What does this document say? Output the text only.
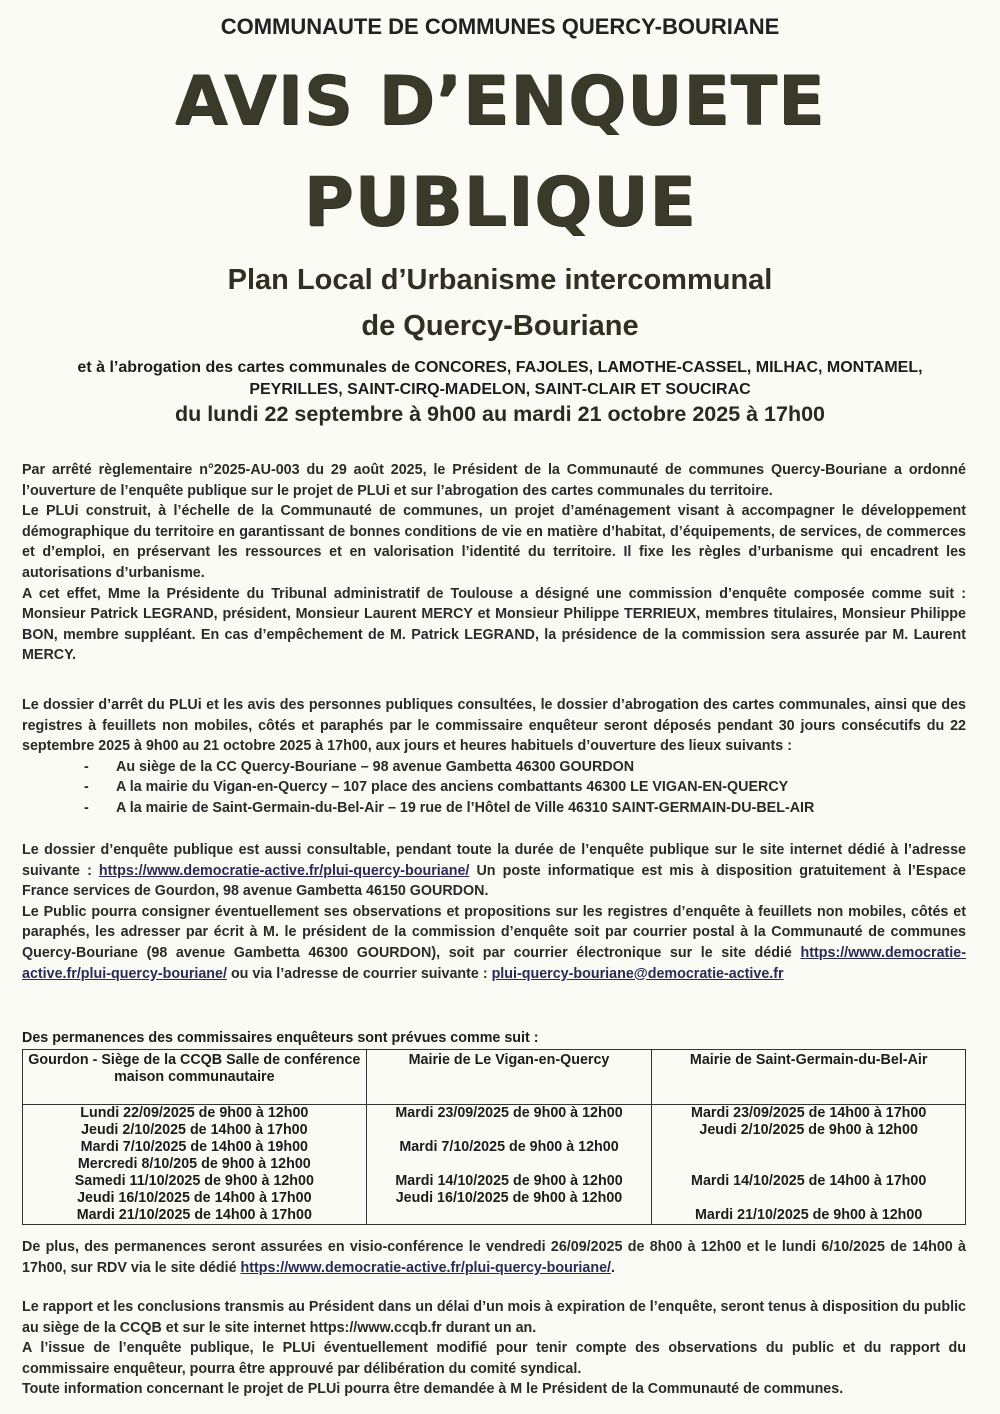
COMMUNAUTE DE COMMUNES QUERCY-BOURIANE
AVIS D’ENQUETE
PUBLIQUE
Plan Local d’Urbanisme intercommunal
de Quercy-Bouriane
et à l’abrogation des cartes communales de CONCORES, FAJOLES, LAMOTHE-CASSEL, MILHAC, MONTAMEL,
PEYRILLES, SAINT-CIRQ-MADELON, SAINT-CLAIR ET SOUCIRAC
du lundi 22 septembre à 9h00 au mardi 21 octobre 2025 à 17h00

Par arrêté règlementaire n°2025-AU-003 du 29 août 2025, le Président de la Communauté de communes Quercy-Bouriane a ordonné l’ouverture de l’enquête publique sur le projet de PLUi et sur l’abrogation des cartes communales du territoire.

Le PLUi construit, à l’échelle de la Communauté de communes, un projet d’aménagement visant à accompagner le développement démographique du territoire en garantissant de bonnes conditions de vie en matière d’habitat, d’équipements, de services, de commerces et d’emploi, en préservant les ressources et en valorisation l’identité du territoire. Il fixe les règles d’urbanisme qui encadrent les autorisations d’urbanisme.

A cet effet, Mme la Présidente du Tribunal administratif de Toulouse a désigné une commission d’enquête composée comme suit : Monsieur Patrick LEGRAND, président, Monsieur Laurent MERCY et Monsieur Philippe TERRIEUX, membres titulaires, Monsieur Philippe BON, membre suppléant. En cas d’empêchement de M. Patrick LEGRAND, la présidence de la commission sera assurée par M. Laurent MERCY.

Le dossier d’arrêt du PLUi et les avis des personnes publiques consultées, le dossier d’abrogation des cartes communales, ainsi que des registres à feuillets non mobiles, côtés et paraphés par le commissaire enquêteur seront déposés pendant 30 jours consécutifs du 22 septembre 2025 à 9h00 au 21 octobre 2025 à 17h00, aux jours et heures habituels d’ouverture des lieux suivants :

- Au siège de la CC Quercy-Bouriane – 98 avenue Gambetta 46300 GOURDON
- A la mairie du Vigan-en-Quercy – 107 place des anciens combattants 46300 LE VIGAN-EN-QUERCY
- A la mairie de Saint-Germain-du-Bel-Air – 19 rue de l’Hôtel de Ville 46310 SAINT-GERMAIN-DU-BEL-AIR

Le dossier d’enquête publique est aussi consultable, pendant toute la durée de l’enquête publique sur le site internet dédié à l’adresse suivante : https://www.democratie-active.fr/plui-quercy-bouriane/ Un poste informatique est mis à disposition gratuitement à l’Espace France services de Gourdon, 98 avenue Gambetta 46150 GOURDON.

Le Public pourra consigner éventuellement ses observations et propositions sur les registres d’enquête à feuillets non mobiles, côtés et paraphés, les adresser par écrit à M. le président de la commission d’enquête soit par courrier postal à la Communauté de communes Quercy-Bouriane (98 avenue Gambetta 46300 GOURDON), soit par courrier électronique sur le site dédié https://www.democratie-active.fr/plui-quercy-bouriane/ ou via l’adresse de courrier suivante : plui-quercy-bouriane@democratie-active.fr

Des permanences des commissaires enquêteurs sont prévues comme suit :
Gourdon - Siège de la CCQB Salle de conférence maison communautaire	Mairie de Le Vigan-en-Quercy	Mairie de Saint-Germain-du-Bel-Air
Lundi 22/09/2025 de 9h00 à 12h00	Mardi 23/09/2025 de 9h00 à 12h00	Mardi 23/09/2025 de 14h00 à 17h00
Jeudi 2/10/2025 de 14h00 à 17h00		Jeudi 2/10/2025 de 9h00 à 12h00
Mardi 7/10/2025 de 14h00 à 19h00	Mardi 7/10/2025 de 9h00 à 12h00	
Mercredi 8/10/205 de 9h00 à 12h00		
Samedi 11/10/2025 de 9h00 à 12h00	Mardi 14/10/2025 de 9h00 à 12h00	Mardi 14/10/2025 de 14h00 à 17h00
Jeudi 16/10/2025 de 14h00 à 17h00	Jeudi 16/10/2025 de 9h00 à 12h00	
Mardi 21/10/2025 de 14h00 à 17h00		Mardi 21/10/2025 de 9h00 à 12h00

De plus, des permanences seront assurées en visio-conférence le vendredi 26/09/2025 de 8h00 à 12h00 et le lundi 6/10/2025 de 14h00 à 17h00, sur RDV via le site dédié https://www.democratie-active.fr/plui-quercy-bouriane/.

Le rapport et les conclusions transmis au Président dans un délai d’un mois à expiration de l’enquête, seront tenus à disposition du public au siège de la CCQB et sur le site internet https://www.ccqb.fr durant un an.

A l’issue de l’enquête publique, le PLUi éventuellement modifié pour tenir compte des observations du public et du rapport du commissaire enquêteur, pourra être approuvé par délibération du comité syndical.

Toute information concernant le projet de PLUi pourra être demandée à M le Président de la Communauté de communes.
